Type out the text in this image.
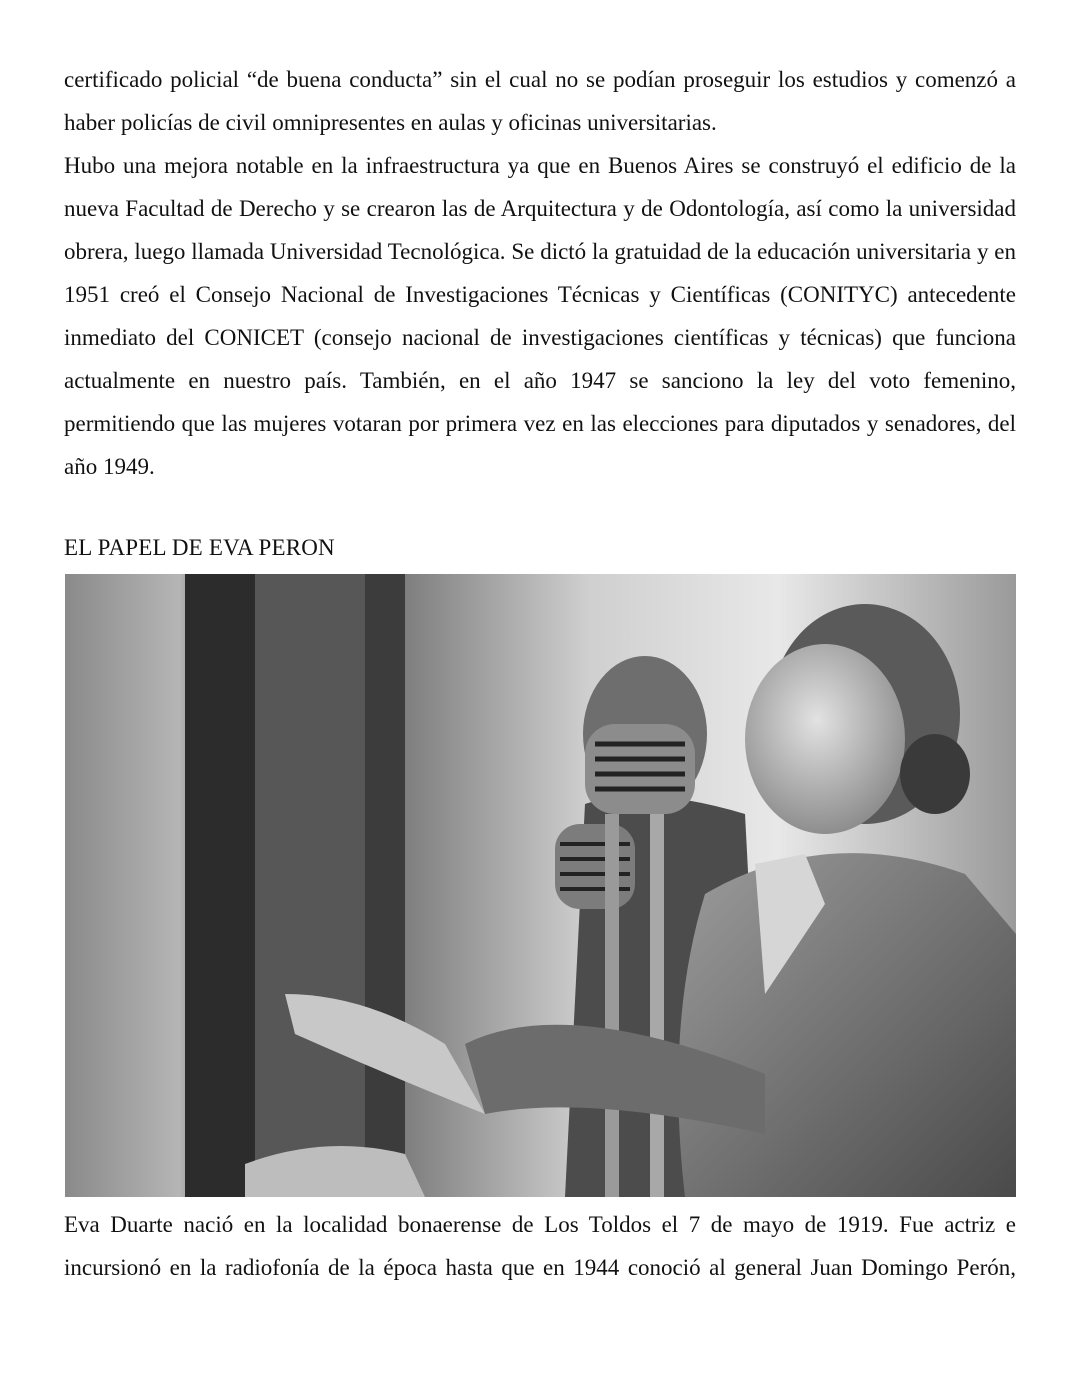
certificado policial “de buena conducta” sin el cual no se podían proseguir los estudios y comenzó a haber policías de civil omnipresentes en aulas y oficinas universitarias.

Hubo una mejora notable en la infraestructura ya que en Buenos Aires se construyó el edificio de la nueva Facultad de Derecho y se crearon las de Arquitectura y de Odontología, así como la universidad obrera, luego llamada Universidad Tecnológica. Se dictó la gratuidad de la educación universitaria y en 1951 creó el Consejo Nacional de Investigaciones Técnicas y Científicas (CONITYC) antecedente inmediato del CONICET (consejo nacional de investigaciones científicas y técnicas) que funciona actualmente en nuestro país. También, en el año 1947 se sanciono la ley del voto femenino, permitiendo que las mujeres votaran por primera vez en las elecciones para diputados y senadores, del año 1949.

EL PAPEL DE EVA PERON

Eva Duarte nació en la localidad bonaerense de Los Toldos el 7 de mayo de 1919. Fue actriz e incursionó en la radiofonía de la época hasta que en 1944 conoció al general Juan Domingo Perón,
